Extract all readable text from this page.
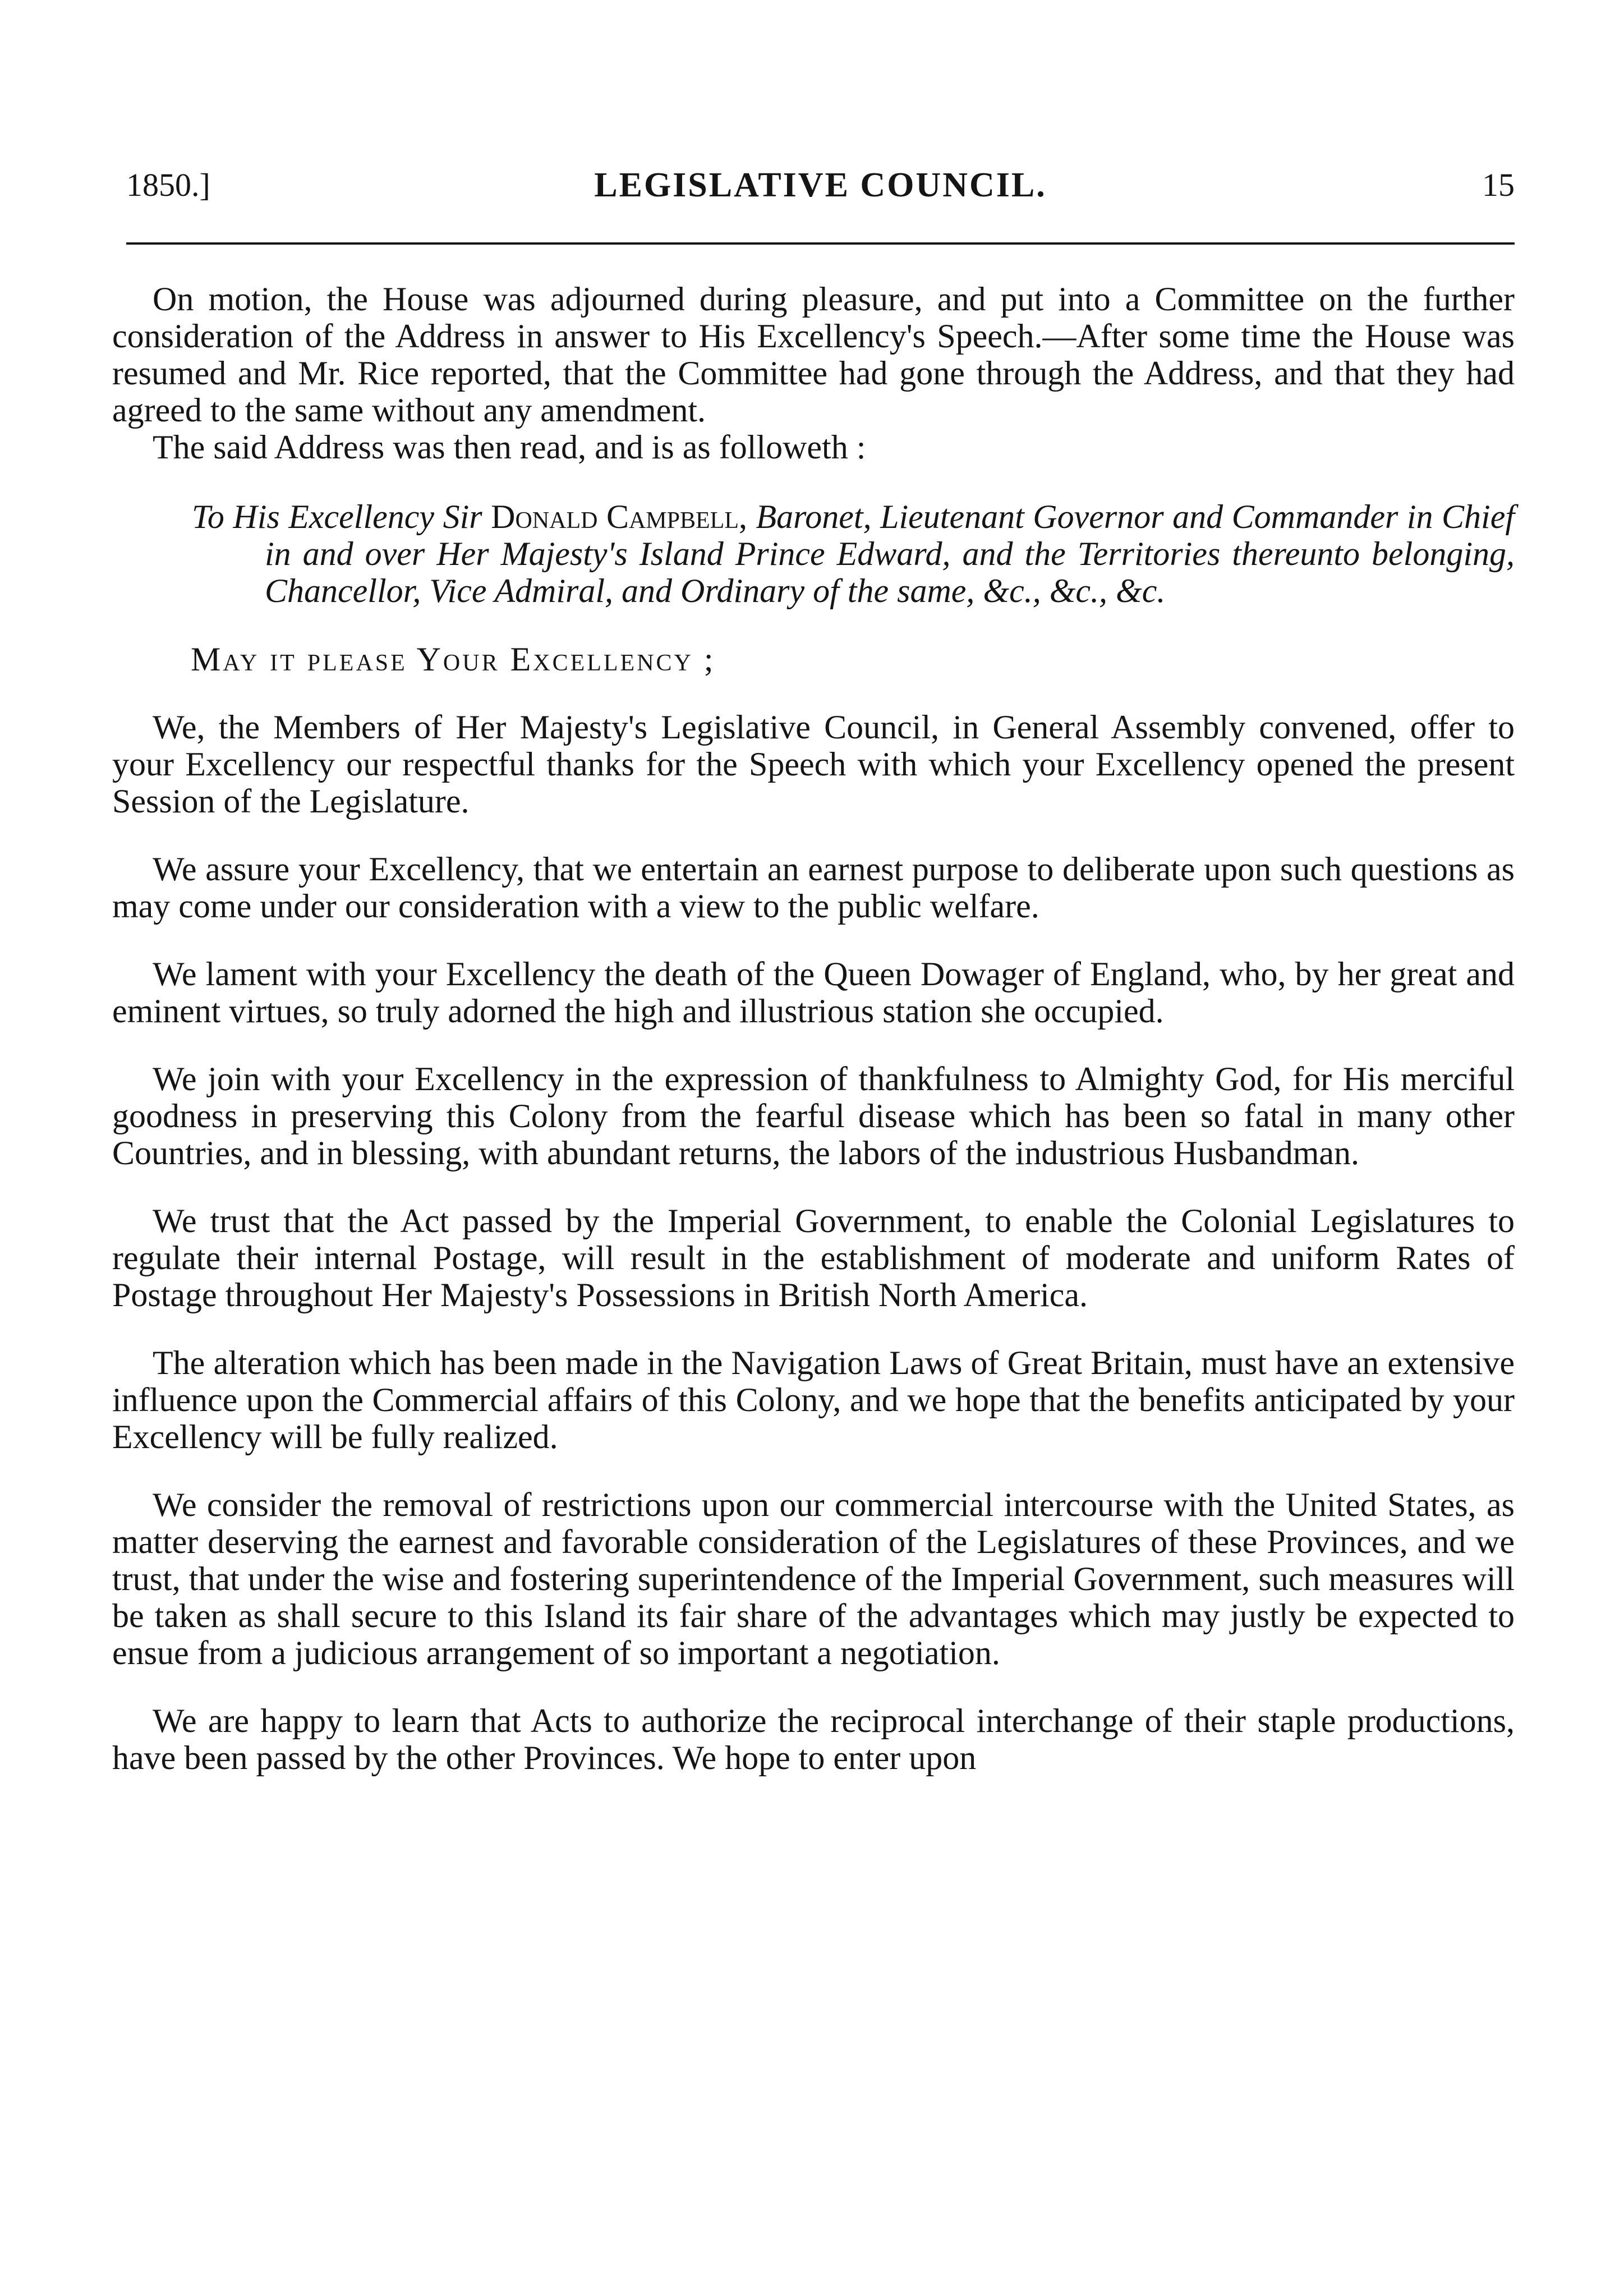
1850.]	LEGISLATIVE COUNCIL.	15

On motion, the House was adjourned during pleasure, and put into a Committee on the further consideration of the Address in answer to His Excellency's Speech.—After some time the House was resumed and Mr. Rice reported, that the Committee had gone through the Address, and that they had agreed to the same without any amendment.

The said Address was then read, and is as followeth :

To His Excellency Sir Donald Campbell, Baronet, Lieutenant Governor and Commander in Chief in and over Her Majesty's Island Prince Edward, and the Territories thereunto belonging, Chancellor, Vice Admiral, and Ordinary of the same, &c., &c., &c.

May it please Your Excellency ;

We, the Members of Her Majesty's Legislative Council, in General Assembly convened, offer to your Excellency our respectful thanks for the Speech with which your Excellency opened the present Session of the Legislature.

We assure your Excellency, that we entertain an earnest purpose to deliberate upon such questions as may come under our consideration with a view to the public welfare.

We lament with your Excellency the death of the Queen Dowager of England, who, by her great and eminent virtues, so truly adorned the high and illustrious station she occupied.

We join with your Excellency in the expression of thankfulness to Almighty God, for His merciful goodness in preserving this Colony from the fearful disease which has been so fatal in many other Countries, and in blessing, with abundant returns, the labors of the industrious Husbandman.

We trust that the Act passed by the Imperial Government, to enable the Colonial Legislatures to regulate their internal Postage, will result in the establishment of moderate and uniform Rates of Postage throughout Her Majesty's Possessions in British North America.

The alteration which has been made in the Navigation Laws of Great Britain, must have an extensive influence upon the Commercial affairs of this Colony, and we hope that the benefits anticipated by your Excellency will be fully realized.

We consider the removal of restrictions upon our commercial intercourse with the United States, as matter deserving the earnest and favorable consideration of the Legislatures of these Provinces, and we trust, that under the wise and fostering superintendence of the Imperial Government, such measures will be taken as shall secure to this Island its fair share of the advantages which may justly be expected to ensue from a judicious arrangement of so important a negotiation.

We are happy to learn that Acts to authorize the reciprocal interchange of their staple productions, have been passed by the other Provinces. We hope to enter upon
